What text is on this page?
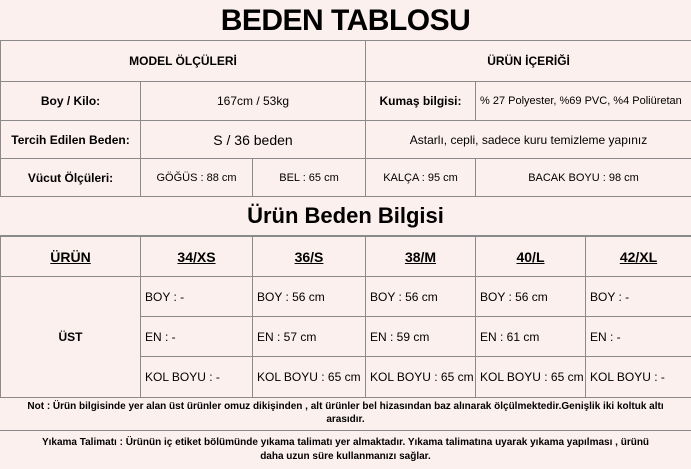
BEDEN TABLOSU
MODEL ÖLÇÜLERİ			ÜRÜN İÇERİĞİ	
Boy / Kilo:	167cm / 53kg		Kumaş bilgisi:	% 27 Polyester, %69 PVC, %4 Poliüretan
Tercih Edilen Beden:	S / 36 beden		Astarlı, cepli, sadece kuru temizleme yapınız	
Vücut Ölçüleri:	GÖĞÜS : 88 cm	BEL : 65 cm	KALÇA : 95 cm	BACAK BOYU : 98 cm
Ürün Beden Bilgisi
ÜRÜN	34/XS	36/S	38/M	40/L	42/XL
ÜST	BOY : -	BOY : 56 cm	BOY : 56 cm	BOY : 56 cm	BOY : -
	EN : -	EN : 57 cm	EN : 59 cm	EN : 61 cm	EN : -
	KOL BOYU : -	KOL BOYU : 65 cm	KOL BOYU : 65 cm	KOL BOYU : 65 cm	KOL BOYU : -
Not : Ürün bilgisinde yer alan üst ürünler omuz dikişinden , alt ürünler bel hizasından baz alınarak ölçülmektedir.Genişlik iki koltuk altı
arasıdır.
Yıkama Talimatı : Ürünün iç etiket bölümünde yıkama talimatı yer almaktadır. Yıkama talimatına uyarak yıkama yapılması , ürünü
daha uzun süre kullanmanızı sağlar.
